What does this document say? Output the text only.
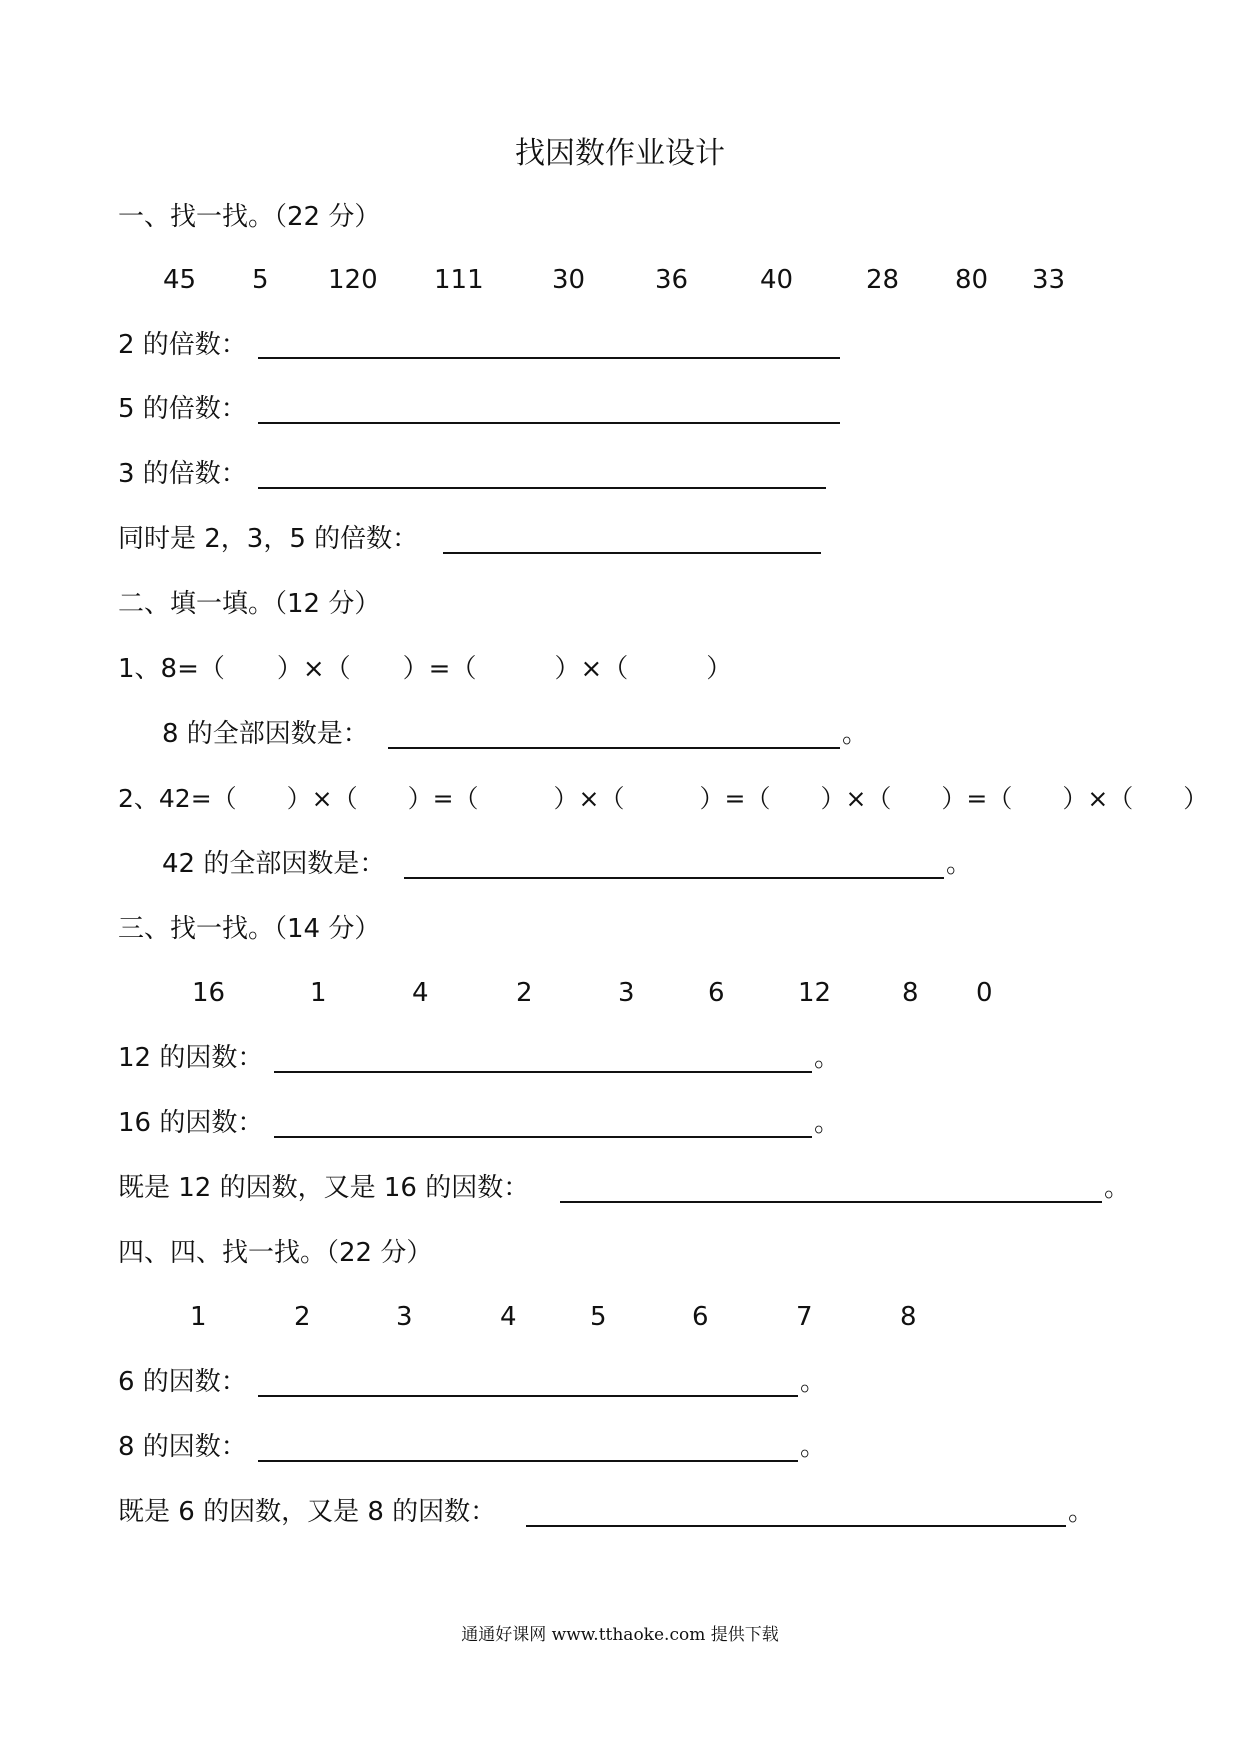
找因数作业设计
一、找一找。（22 分）
45 5 120 111	30	36	40	28 80 33
2 的倍数：
5 的倍数：
3 的倍数：
同时是 2，3，5 的倍数：
二、填一填。（12 分）
1、8=（　　）×（　　）=（　　　）×（　　　）
8 的全部因数是：	。
2、42=（　　）×（　　）=（　　　）×（　　　）=（　　）×（　　）=（　　）×（　　）
42 的全部因数是：	。
三、找一找。（14 分）
16	1	4	2	3	6	12	8 0
12 的因数：	。
16 的因数：	。
既是 12 的因数，又是 16 的因数：	。
四、四、找一找。（22 分）
1	2	3	4	5	6	7	8
6 的因数：	。
8 的因数：	。
既是 6 的因数，又是 8 的因数：	。
通通好课网 www.tthaoke.com 提供下载
